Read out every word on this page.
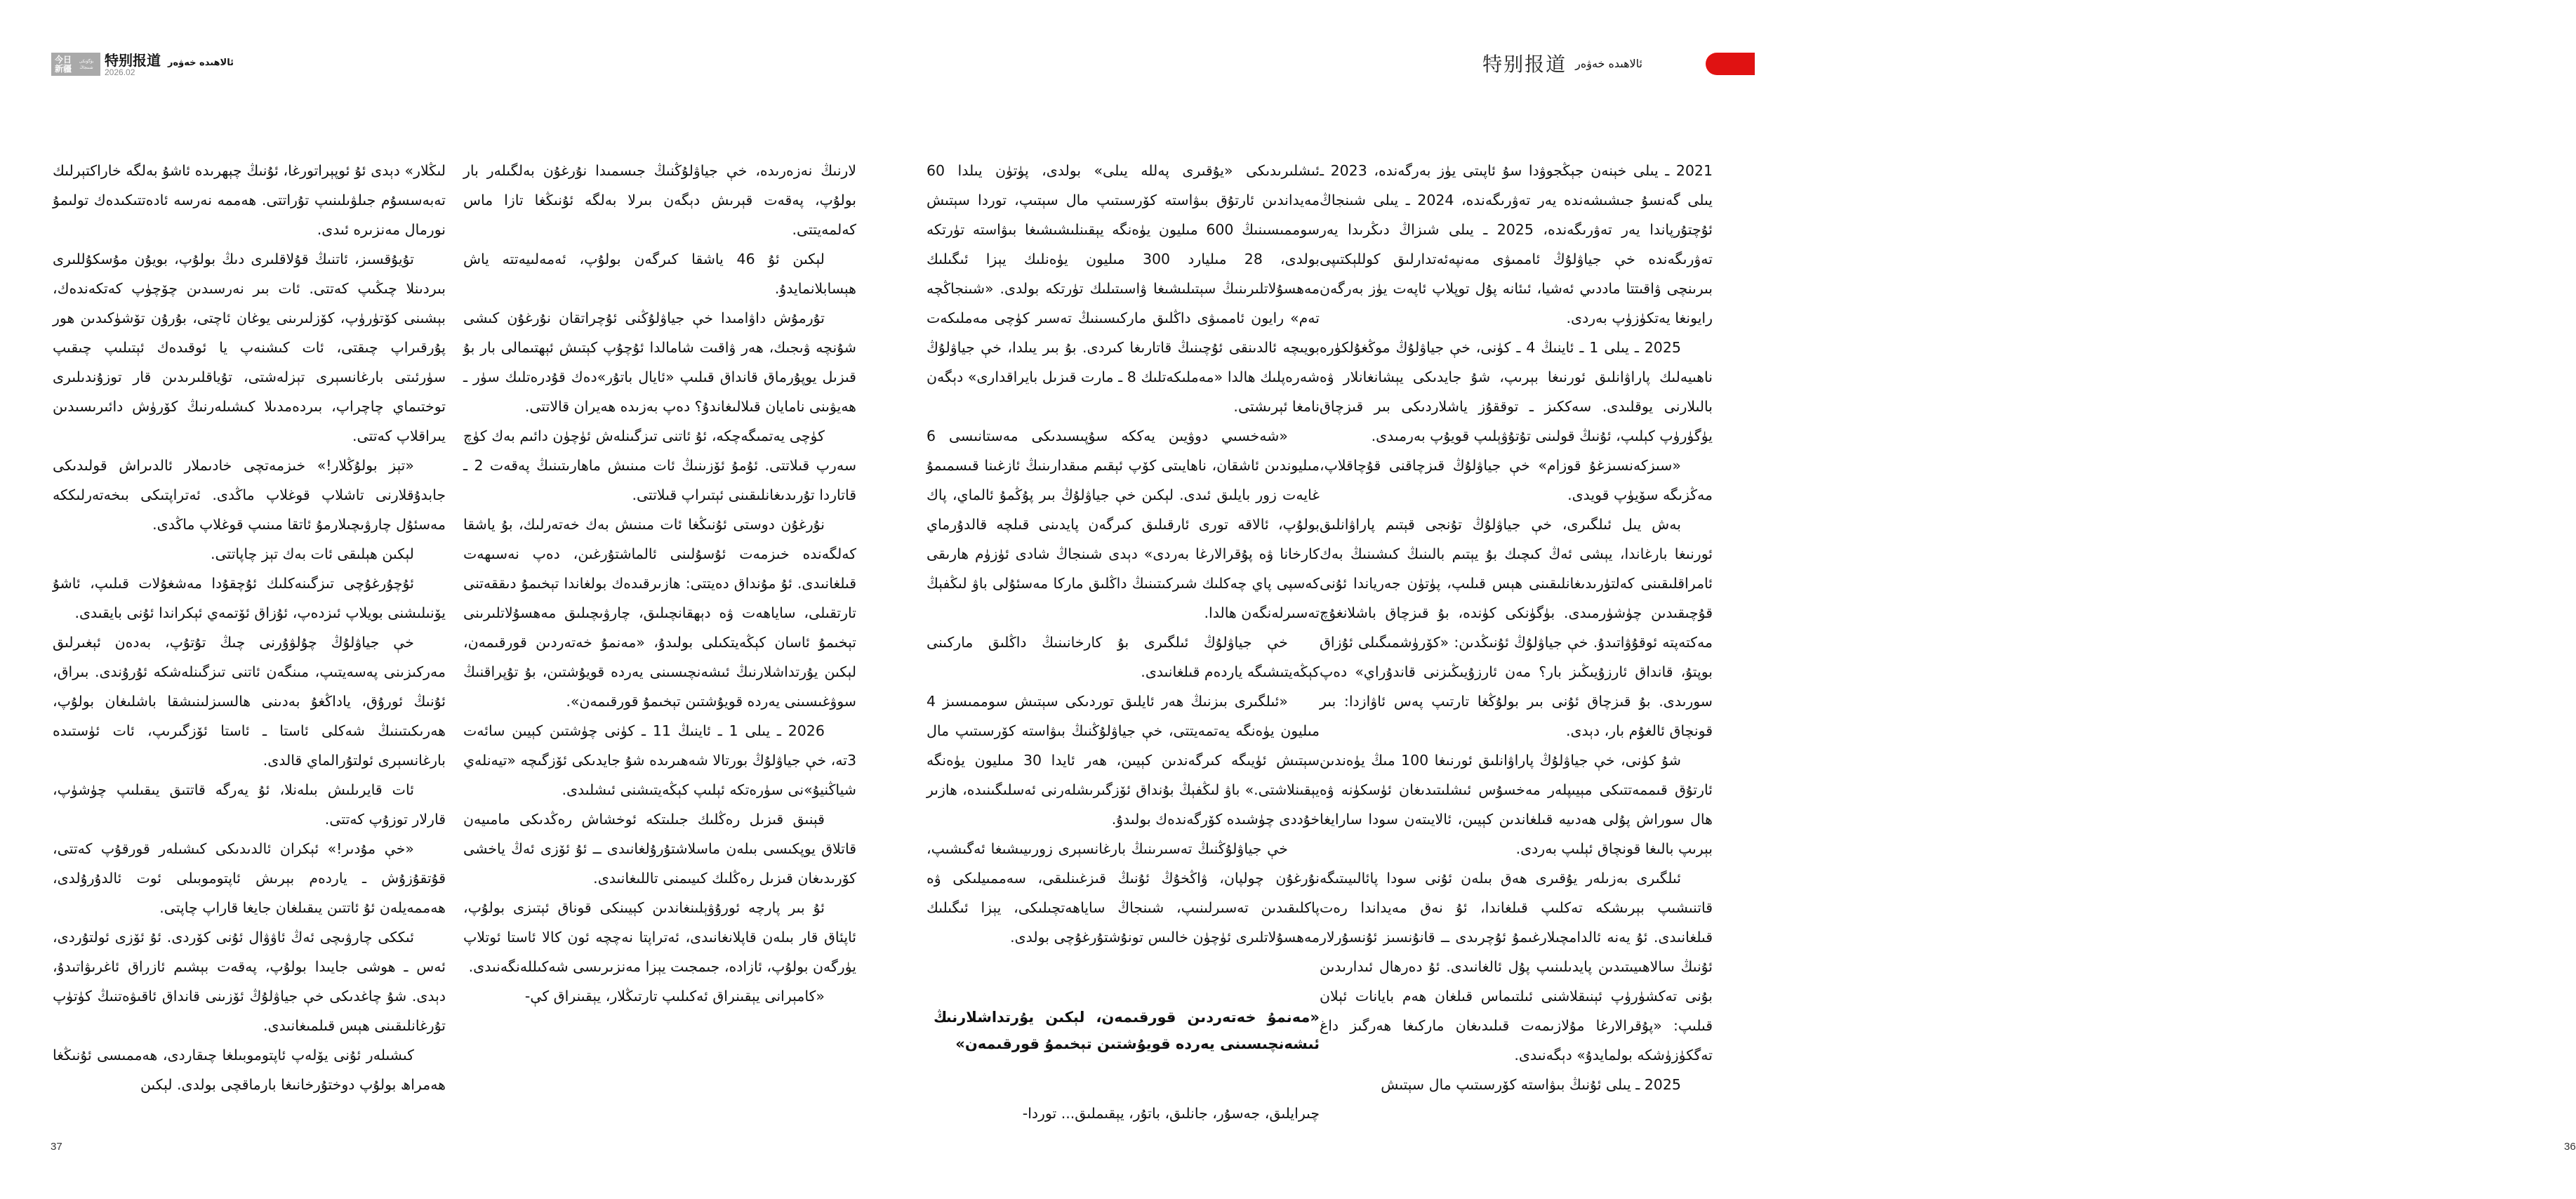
今日新疆
بۈگۈنكى شىنجاڭ 特别报道 ئالاھىدە خەۋەر
2026.02
37
特别报道 ئالاھىدە خەۋەر
36

2021 ـ يىلى خېنەن جېڭجوۋدا سۇ ئاپىتى يۈز بەرگەندە، 2023 ـ يىلى گەنسۇ جىشىشەندە يەر تەۋرىگەندە، 2024 ـ يىلى شىنجاڭ ئۇچتۇرپاندا يەر تەۋرىگەندە، 2025 ـ يىلى شىزاڭ دىڭرىدا يەر تەۋرىگەندە خې جياۋلۇڭ ئاممىۋى مەنپەئەتدارلىق كوللېكتىپى بىرىنچى ۋاقىتتا ماددىي ئەشيا، ئىئانە پۇل توپلاپ ئاپەت يۈز بەرگەن رايونغا يەتكۈزۈپ بەردى.

2025 ـ يىلى 1 ـ ئاينىڭ 4 ـ كۈنى، خې جياۋلۇڭ موڭغۇلكۈرە ناھىيەلىك پاراۋانلىق ئورنىغا بېرىپ، شۇ جايدىكى يېشانغانلار ۋە بالىلارنى يوقلىدى. سەككىز ـ توققۇز ياشلاردىكى بىر قىزچاق يۈگۈرۈپ كېلىپ، ئۇنىڭ قولىنى تۇتۇۋېلىپ قويۇپ بەرمىدى.

«سىزكەنسىزغۇ قوزام» خې جياۋلۇڭ قىزچاقنى قۇچاقلاپ، مەڭزىگە سۆيۈپ قويدى.

بەش يىل ئىلگىرى، خې جياۋلۇڭ تۇنجى قېتىم پاراۋانلىق ئورنىغا بارغاندا، يېشى ئەڭ كىچىك بۇ يېتىم بالىنىڭ كىشىنىڭ بەك ئامراقلىقىنى كەلتۈرىدىغانلىقىنى ھېس قىلىپ، پۈتۈن جەرياندا ئۇنى قۇچىقىدىن چۈشۈرمىدى. بۈگۈنكى كۈندە، بۇ قىزچاق باشلانغۇچ مەكتەپتە ئوقۇۋاتىدۇ. خې جياۋلۇڭ ئۇنىڭدىن: «كۆرۈشمىگىلى ئۇزاق بوپتۇ، قانداق ئارزۇيىڭىز بار؟ مەن ئارزۇيىڭىزنى قاندۇراي» دەپ سورىدى. بۇ قىزچاق ئۇنى بىر بولۇڭغا تارتىپ پەس ئاۋازدا: بىر قونچاق ئالغۇم بار، دېدى.

شۇ كۈنى، خې جياۋلۇڭ پاراۋانلىق ئورنىغا 100 مىڭ يۈەندىن ئارتۇق قىممەتتىكى مېيىپلەر مەخسۇس ئىشلىتىدىغان ئۈسكۈنە ۋە ھال سوراش پۇلى ھەدىيە قىلغاندىن كېيىن، ئالايىتەن سودا سارايغا بېرىپ بالىغا قونچاق ئېلىپ بەردى.

ئىلگىرى بەزىلەر يۇقىرى ھەق بىلەن ئۇنى سودا پائالىيىتىگە قاتنىشىپ بېرىشكە تەكلىپ قىلغاندا، ئۇ نەق مەيداندا رەت قىلغانىدى. ئۇ يەنە ئالدامچىلارغىمۇ ئۇچرىدى ــ قانۇنسىز ئۇنسۇرلار ئۇنىڭ سالاھىيىتىدىن پايدىلىنىپ پۇل ئالغانىدى. ئۇ دەرھال ئىدارىدىن بۇنى تەكشۈرۈپ ئېنىقلاشنى ئىلتىماس قىلغان ھەم بايانات ئېلان قىلىپ: «پۇقرالارغا مۇلازىمەت قىلىدىغان ماركىغا ھەرگىز داغ تەگكۈزۈشكە بولمايدۇ» دېگەنىدى.

2025 ـ يىلى ئۇنىڭ بىۋاستە كۆرسىتىپ مال سېتىش

ئىشلىرىدىكى «يۇقىرى پەللە يىلى» بولدى، پۈتۈن يىلدا 60 مەيداندىن ئارتۇق بىۋاستە كۆرسىتىپ مال سېتىپ، توردا سېتىش سوممىسىنىڭ 600 مىليون يۈەنگە يېقىنلىشىشىغا بىۋاستە تۈرتكە بولدى، 28 مىليارد 300 مىليون يۈەنلىك يېزا ئىگىلىك مەھسۇلاتلىرىنىڭ سېتىلىشىغا ۋاسىتىلىك تۈرتكە بولدى. «شىنجاڭچە تەم» رايون ئاممىۋى داڭلىق ماركىسىنىڭ تەسىر كۈچى مەملىكەت بويىچە ئالدىنقى ئۇچىنىڭ قاتارىغا كىردى. بۇ بىر يىلدا، خې جياۋلۇڭ شەرەپلىك ھالدا «مەملىكەتلىك 8 ـ مارت قىزىل بايراقدارى» دېگەن نامغا ئېرىشتى.

«شەخسىي دوۋيىن يەككە سۇپىسىدىكى مەستانىسى 6 مىليوندىن ئاشقان، ناھايىتى كۆپ ئېقىم مىقدارىنىڭ ئازغىنا قىسمىمۇ غايەت زور بايلىق ئىدى. لېكىن خې جياۋلۇڭ بىر پۇڭمۇ ئالماي، پاك بولۇپ، ئالاقە تورى ئارقىلىق كىرگەن پايدىنى قىلچە قالدۇرماي كارخانا ۋە پۇقرالارغا بەردى» دېدى شىنجاڭ شادى ئۈزۈم ھارىقى كەسپى پاي چەكلىك شىركىتىنىڭ داڭلىق ماركا مەسئۇلى باۋ لىڭفېڭ تەسىرلەنگەن ھالدا.

خې جياۋلۇڭ ئىلگىرى بۇ كارخانىنىڭ داڭلىق ماركىنى كېڭەيتىشىگە ياردەم قىلغانىدى.

«ئىلگىرى بىزنىڭ ھەر ئايلىق توردىكى سېتىش سوممىسىز 4 مىليون يۈەنگە يەتمەيتتى، خې جياۋلۇڭنىڭ بىۋاستە كۆرسىتىپ مال سېتىش ئۈيىگە كىرگەندىن كېيىن، ھەر ئايدا 30 مىليون يۈەنگە يېقىنلاشتى.» باۋ لىڭفېڭ بۇنداق ئۆزگىرىشلەرنى ئەسلىگىنىدە، ھازىر خۇددى چۈشىدە كۆرگەندەك بولىدۇ.

خې جياۋلۇڭنىڭ تەسىرىنىڭ بارغانسېرى زورىيىشىغا ئەگىشىپ، نۇرغۇن چولپان، ۋاڭخۇڭ ئۇنىڭ قىزغىنلىقى، سەممىيلىكى ۋە پاكلىقىدىن تەسىرلىنىپ، شىنجاڭ ساياھەتچىلىكى، يېزا ئىگىلىك مەھسۇلاتلىرى ئۈچۈن خالىس تونۇشتۇرغۇچى بولدى.

لارنىڭ نەزەرىدە، خې جياۋلۇڭنىڭ جىسمىدا نۇرغۇن بەلگىلەر بار بولۇپ، پەقەت قېرىش دېگەن بىرلا بەلگە ئۇنىڭغا تازا ماس كەلمەيتتى.

لېكىن ئۇ 46 ياشقا كىرگەن بولۇپ، ئەمەلىيەتتە ياش ھېسابلانمايدۇ.

تۇرمۇش داۋامىدا خې جياۋلۇڭنى ئۇچراتقان نۇرغۇن كىشى شۇنچە ۋىجىك، ھەر ۋاقىت شامالدا ئۇچۇپ كېتىش ئېھتىمالى بار بۇ قىزىل يوپۇرماق قانداق قىلىپ «ئايال باتۇر»دەك قۇدرەتلىك سۈر ـ ھەيۋىنى نامايان قىلالىغاندۇ؟ دەپ بەزىدە ھەيران قالاتتى.

كۈچى يەتمىگەچكە، ئۇ ئاتنى تىزگىنلەش ئۈچۈن دائىم بەك كۈچ سەرپ قىلاتتى. ئۇمۇ ئۆزىنىڭ ئات مىنىش ماھارىتىنىڭ پەقەت 2 ـ قاتاردا تۇرىدىغانلىقىنى ئېتىراپ قىلاتتى.

نۇرغۇن دوستى ئۇنىڭغا ئات مىنىش بەك خەتەرلىك، بۇ ياشقا كەلگەندە خىزمەت ئۇسۇلىنى ئالماشتۇرغىن، دەپ نەسىھەت قىلغانىدى. ئۇ مۇنداق دەيتتى: ھازىرقىدەك بولغاندا تېخىمۇ دىققەتنى تارتقىلى، ساياھەت ۋە دېھقانچىلىق، چارۋىچىلىق مەھسۇلاتلىرىنى تېخىمۇ ئاسان كېڭەيتكىلى بولىدۇ، «مەنمۇ خەتەردىن قورقىمەن، لېكىن يۇرتداشلارنىڭ ئىشەنچىسىنى يەردە قويۇشتىن، بۇ تۇپراقنىڭ سوۋغىسىنى يەردە قويۇشتىن تېخىمۇ قورقىمەن».

2026 ـ يىلى 1 ـ ئاينىڭ 11 ـ كۈنى چۈشتىن كېيىن سائەت 3تە، خې جياۋلۇڭ بورتالا شەھىرىدە شۇ جايدىكى ئۆزگىچە «تيەنلەي شياڭنيۇ»نى سۈرەتكە ئېلىپ كېڭەيتىشنى ئىشلىدى.

قېنىق قىزىل رەڭلىك جىلىتكە ئوخشاش رەڭدىكى مامىيەن قاتلاق يوپكىسى بىلەن ماسلاشتۇرۇلغانىدى ــ ئۇ ئۆزى ئەڭ ياخشى كۆرىدىغان قىزىل رەڭلىك كىيىمنى تاللىغانىدى.

ئۇ بىر پارچە ئورۇۋېلىنغاندىن كېيىنكى قوناق ئېتىزى بولۇپ، ئاپئاق قار بىلەن قاپلانغانىدى، ئەتراپتا نەچچە ئون كالا ئاستا ئوتلاپ يۈرگەن بولۇپ، ئازادە، جىمجىت يېزا مەنزىرىسى شەكىللەنگەنىدى.

«كامېرانى يېقىنراق ئەكىلىپ تارتىڭلار، يېقىنراق كې-

لىڭلار» دېدى ئۇ ئوپېراتورغا، ئۇنىڭ چېھرىدە ئاشۇ بەلگە خاراكتېرلىك تەبەسسۇم جىلۋىلىنىپ تۇراتتى. ھەممە نەرسە ئادەتتىكىدەك تولىمۇ نورمال مەنزىرە ئىدى.

تۇيۇقسىز، ئاتنىڭ قۇلاقلىرى دىڭ بولۇپ، بويۇن مۇسكۇللىرى بىردىنلا چىڭىپ كەتتى. ئات بىر نەرسىدىن چۆچۈپ كەتكەندەك، بېشىنى كۆتۈرۈپ، كۆزلىرىنى يوغان ئاچتى، بۇرۇن تۆشۈكىدىن ھور پۇرقىراپ چىقتى، ئات كىشنەپ يا ئوقىدەك ئېتىلىپ چىقىپ سۈرئىتى بارغانسېرى تېزلەشتى، تۇياقلىرىدىن قار توزۇندىلىرى توختىماي چاچراپ، بىردەمدىلا كىشىلەرنىڭ كۆرۈش دائىرىسىدىن يىراقلاپ كەتتى.

«تېز بولۇڭلار!» خىزمەتچى خادىملار ئالدىراش قولىدىكى جابدۇقلارنى تاشلاپ قوغلاپ ماڭدى. ئەتراپتىكى بىخەتەرلىككە مەسئۇل چارۋىچىلارمۇ ئاتقا مىنىپ قوغلاپ ماڭدى.

لېكىن ھېلىقى ئات بەك تېز چاپاتتى.

ئۇچۇرغۇچى تىزگىنەكلىك ئۇچقۇدا مەشغۇلات قىلىپ، ئاشۇ يۆنىلىشنى بويلاپ ئىزدەپ، ئۇزاق ئۆتمەي ئېكراندا ئۇنى بايقىدى.

خې جياۋلۇڭ چۇلۋۇرنى چىڭ تۇتۇپ، بەدەن ئېغىرلىق مەركىزىنى پەسەيتىپ، مىنگەن ئاتنى تىزگىنلەشكە ئۇرۇندى. بىراق، ئۇنىڭ ئورۇق، ياداڭغۇ بەدىنى ھالسىزلىنىشقا باشلىغان بولۇپ، ھەرىكىتىنىڭ شەكلى ئاستا ـ ئاستا ئۆزگىرىپ، ئات ئۈستىدە بارغانسېرى ئولتۇرالماي قالدى.

ئات قايرىلىش بىلەنلا، ئۇ يەرگە قاتتىق يىقىلىپ چۈشۈپ، قارلار توزۇپ كەتتى.

«خې مۇدىر!» ئېكران ئالدىدىكى كىشىلەر قورقۇپ كەتتى، قۇتقۇزۇش ـ ياردەم بېرىش ئاپتوموبىلى ئوت ئالدۇرۇلدى، ھەممەيلەن ئۇ ئاتتىن يىقىلغان جايغا قاراپ چاپتى.

ئىككى چارۋىچى ئەڭ ئاۋۋال ئۇنى كۆردى. ئۇ ئۆزى ئولتۇردى، ئەس ـ ھوشى جايىدا بولۇپ، پەقەت بېشىم ئازراق ئاغرىۋاتىدۇ، دېدى. شۇ چاغدىكى خې جياۋلۇڭ ئۆزىنى قانداق ئاقىۋەتنىڭ كۈتۈپ تۇرغانلىقىنى ھېس قىلمىغانىدى.

كىشىلەر ئۇنى يۆلەپ ئاپتوموبىلغا چىقاردى، ھەممىسى ئۇنىڭغا ھەمراھ بولۇپ دوختۇرخانىغا بارماقچى بولدى. لېكىن

«مەنمۇ خەتەردىن قورقىمەن، لېكىن يۇرتداشلارنىڭ ئىشەنچىسىنى يەردە قويۇشتىن تېخىمۇ قورقىمەن»
چىرايلىق، جەسۇر، جانلىق، باتۇر، يېقىملىق... توردا‑
